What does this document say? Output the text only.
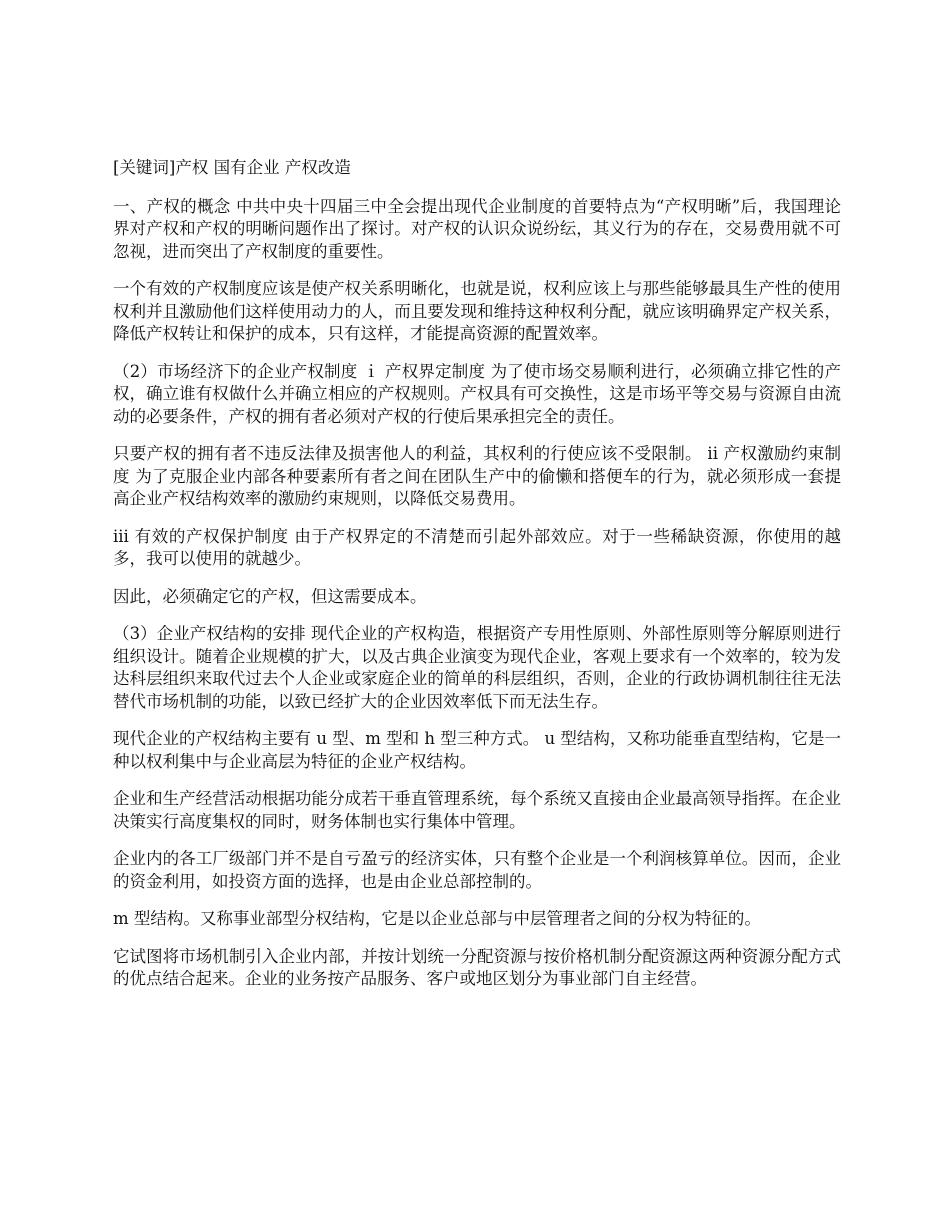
[关键词]产权 国有企业 产权改造

一、产权的概念 中共中央十四届三中全会提出现代企业制度的首要特点为“产权明晰”后，我国理论界对产权和产权的明晰问题作出了探讨。对产权的认识众说纷纭，其义行为的存在，交易费用就不可忽视，进而突出了产权制度的重要性。

一个有效的产权制度应该是使产权关系明晰化，也就是说，权利应该上与那些能够最具生产性的使用权利并且激励他们这样使用动力的人，而且要发现和维持这种权利分配，就应该明确界定产权关系，降低产权转让和保护的成本，只有这样，才能提高资源的配置效率。

（2）市场经济下的企业产权制度 ｉ 产权界定制度 为了使市场交易顺利进行，必须确立排它性的产权，确立谁有权做什么并确立相应的产权规则。产权具有可交换性，这是市场平等交易与资源自由流动的必要条件，产权的拥有者必须对产权的行使后果承担完全的责任。

只要产权的拥有者不违反法律及损害他人的利益，其权利的行使应该不受限制。 ii 产权激励约束制度 为了克服企业内部各种要素所有者之间在团队生产中的偷懒和搭便车的行为，就必须形成一套提高企业产权结构效率的激励约束规则，以降低交易费用。

iii 有效的产权保护制度 由于产权界定的不清楚而引起外部效应。对于一些稀缺资源，你使用的越多，我可以使用的就越少。

因此，必须确定它的产权，但这需要成本。

（3）企业产权结构的安排 现代企业的产权构造，根据资产专用性原则、外部性原则等分解原则进行组织设计。随着企业规模的扩大，以及古典企业演变为现代企业，客观上要求有一个效率的，较为发达科层组织来取代过去个人企业或家庭企业的简单的科层组织，否则，企业的行政协调机制往往无法替代市场机制的功能，以致已经扩大的企业因效率低下而无法生存。

现代企业的产权结构主要有 u 型、m 型和 h 型三种方式。 u 型结构，又称功能垂直型结构，它是一种以权利集中与企业高层为特征的企业产权结构。

企业和生产经营活动根据功能分成若干垂直管理系统，每个系统又直接由企业最高领导指挥。在企业决策实行高度集权的同时，财务体制也实行集体中管理。

企业内的各工厂级部门并不是自亏盈亏的经济实体，只有整个企业是一个利润核算单位。因而，企业的资金利用，如投资方面的选择，也是由企业总部控制的。

m 型结构。又称事业部型分权结构，它是以企业总部与中层管理者之间的分权为特征的。

它试图将市场机制引入企业内部，并按计划统一分配资源与按价格机制分配资源这两种资源分配方式的优点结合起来。企业的业务按产品服务、客户或地区划分为事业部门自主经营。
